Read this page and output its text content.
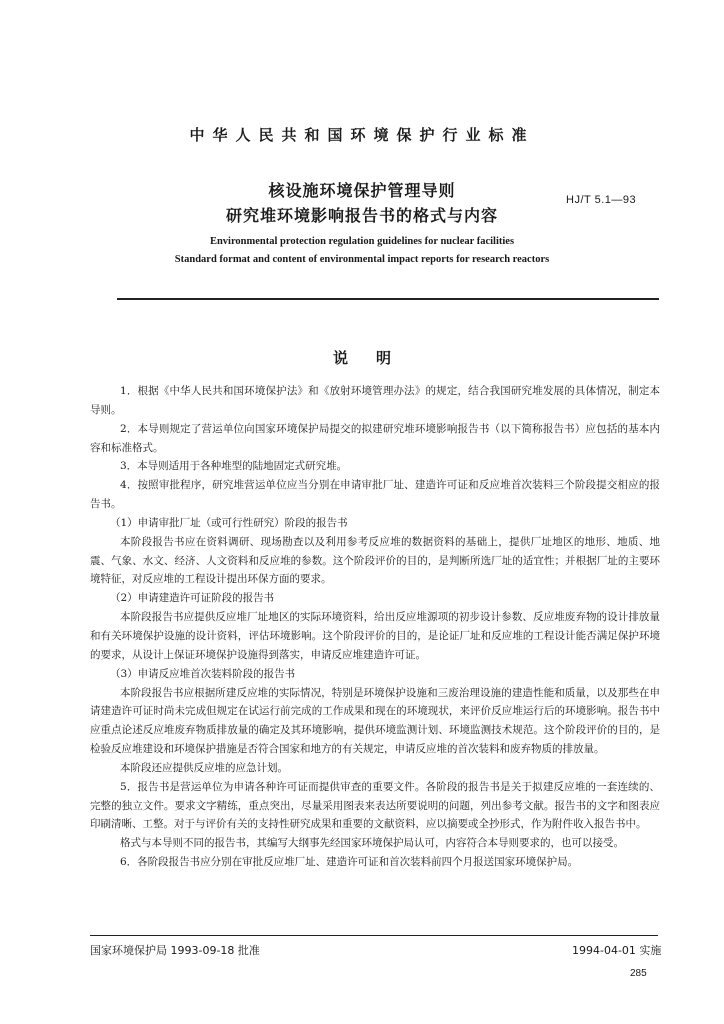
中华人民共和国环境保护行业标准
核设施环境保护管理导则
研究堆环境影响报告书的格式与内容
HJ/T 5.1—93
Environmental protection regulation guidelines for nuclear facilities
Standard format and content of environmental impact reports for research reactors
说明

1．根据《中华人民共和国环境保护法》和《放射环境管理办法》的规定，结合我国研究堆发展的具体情况，制定本导则。

2．本导则规定了营运单位向国家环境保护局提交的拟建研究堆环境影响报告书（以下简称报告书）应包括的基本内容和标准格式。

3．本导则适用于各种堆型的陆地固定式研究堆。

4．按照审批程序，研究堆营运单位应当分别在申请审批厂址、建造许可证和反应堆首次装料三个阶段提交相应的报告书。

（1）申请审批厂址（或可行性研究）阶段的报告书

本阶段报告书应在资料调研、现场勘查以及利用参考反应堆的数据资料的基础上，提供厂址地区的地形、地质、地震、气象、水文、经济、人文资料和反应堆的参数。这个阶段评价的目的，是判断所选厂址的适宜性；并根据厂址的主要环境特征，对反应堆的工程设计提出环保方面的要求。

（2）申请建造许可证阶段的报告书

本阶段报告书应提供反应堆厂址地区的实际环境资料，给出反应堆源项的初步设计参数、反应堆废弃物的设计排放量和有关环境保护设施的设计资料，评估环境影响。这个阶段评价的目的，是论证厂址和反应堆的工程设计能否满足保护环境的要求，从设计上保证环境保护设施得到落实，申请反应堆建造许可证。

（3）申请反应堆首次装料阶段的报告书

本阶段报告书应根据所建反应堆的实际情况，特别是环境保护设施和三废治理设施的建造性能和质量，以及那些在申请建造许可证时尚未完成但规定在试运行前完成的工作成果和现在的环境现状，来评价反应堆运行后的环境影响。报告书中应重点论述反应堆废弃物质排放量的确定及其环境影响，提供环境监测计划、环境监测技术规范。这个阶段评价的目的，是检验反应堆建设和环境保护措施是否符合国家和地方的有关规定，申请反应堆的首次装料和废弃物质的排放量。

本阶段还应提供反应堆的应急计划。

5．报告书是营运单位为申请各种许可证而提供审查的重要文件。各阶段的报告书是关于拟建反应堆的一套连续的、完整的独立文件。要求文字精练，重点突出，尽量采用图表来表达所要说明的问题，列出参考文献。报告书的文字和图表应印刷清晰、工整。对于与评价有关的支持性研究成果和重要的文献资料，应以摘要或全抄形式，作为附件收入报告书中。

格式与本导则不同的报告书，其编写大纲事先经国家环境保护局认可，内容符合本导则要求的，也可以接受。

6．各阶段报告书应分别在审批反应堆厂址、建造许可证和首次装料前四个月报送国家环境保护局。

国家环境保护局 1993-09-18 批准	1994-04-01 实施
285
